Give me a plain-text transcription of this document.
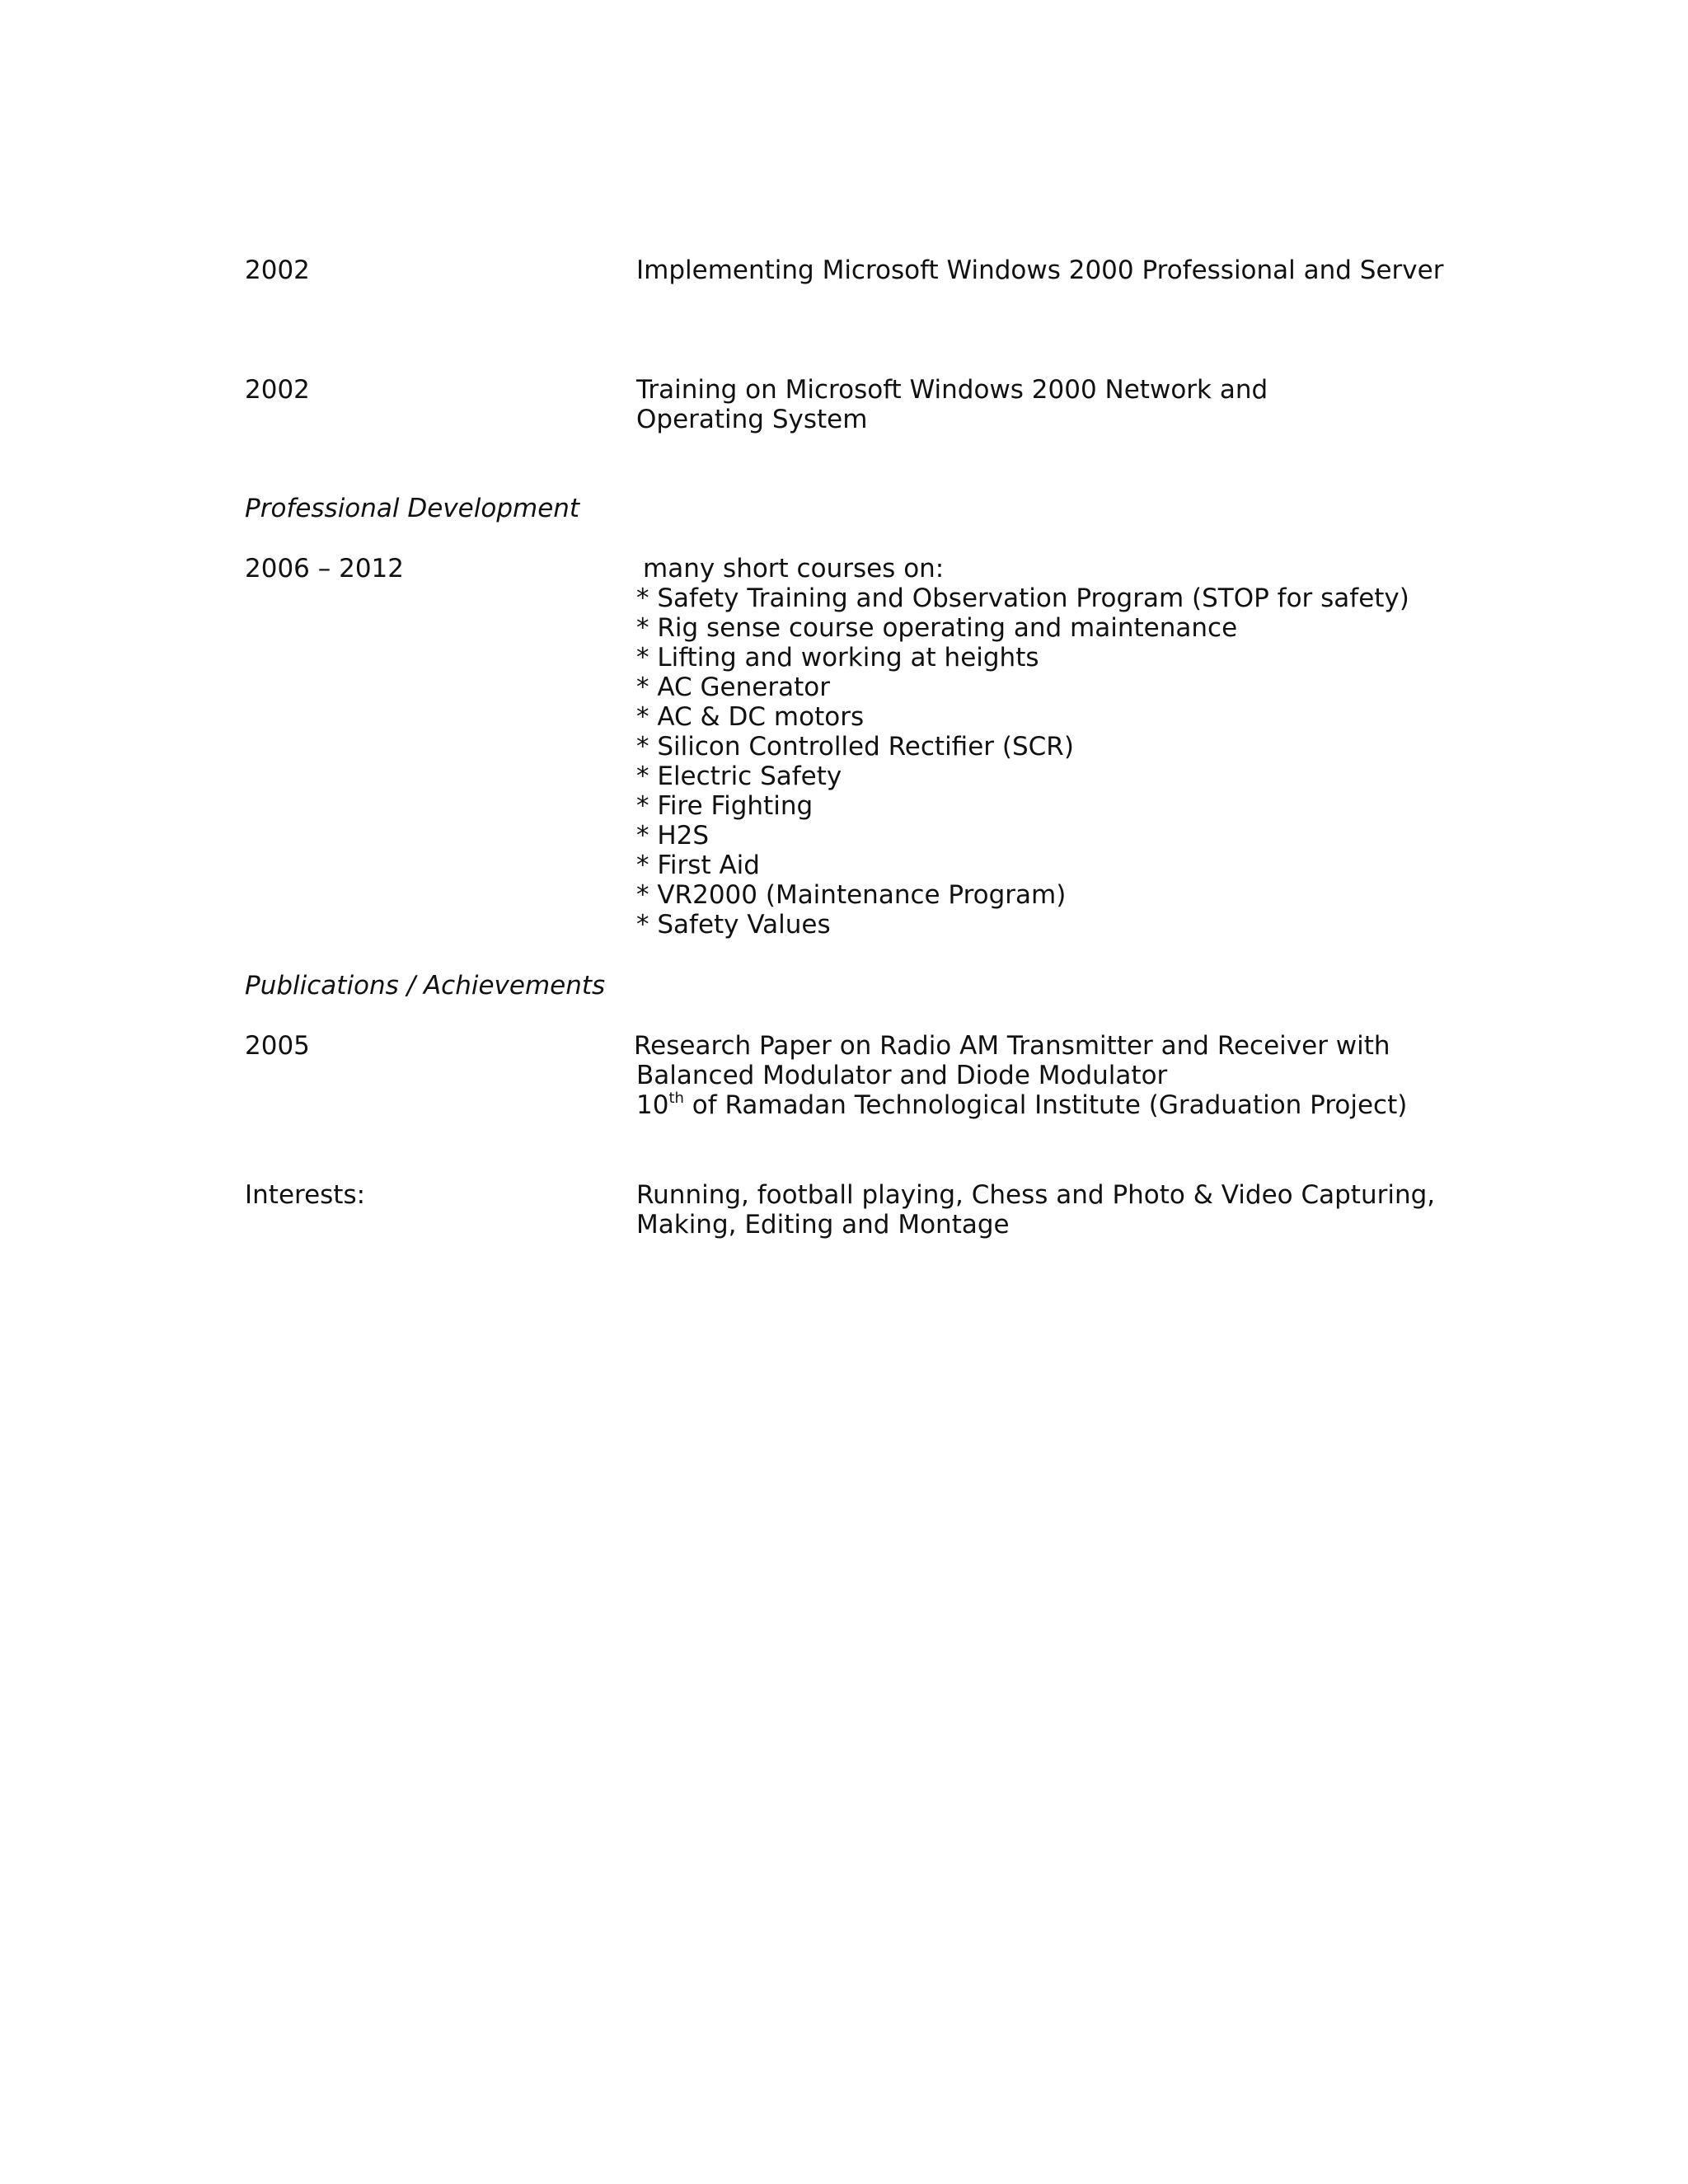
2002	Implementing Microsoft Windows 2000 Professional and Server
2002	Training on Microsoft Windows 2000 Network and
Operating System
Professional Development
2006 – 2012	many short courses on:
* Safety Training and Observation Program (STOP for safety)
* Rig sense course operating and maintenance
* Lifting and working at heights
* AC Generator
* AC & DC motors
* Silicon Controlled Rectifier (SCR)
* Electric Safety
* Fire Fighting
* H2S
* First Aid
* VR2000 (Maintenance Program)
* Safety Values
Publications / Achievements
2005	Research Paper on Radio AM Transmitter and Receiver with
Balanced Modulator and Diode Modulator
10th of Ramadan Technological Institute (Graduation Project)
Interests:	Running, football playing, Chess and Photo & Video Capturing,
Making, Editing and Montage
